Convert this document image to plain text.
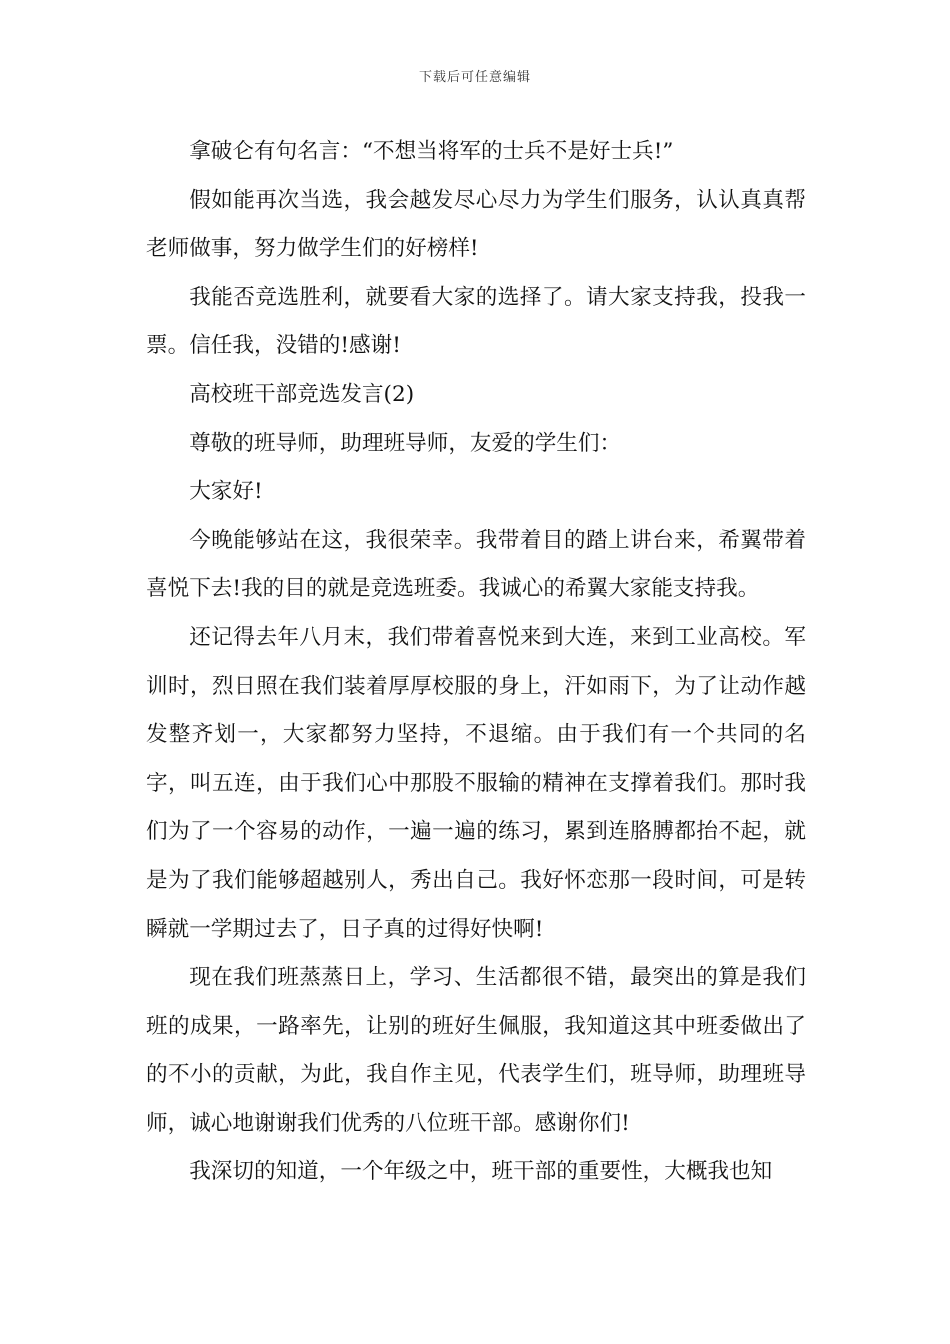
下载后可任意编辑

拿破仑有句名言：“不想当将军的士兵不是好士兵!”

假如能再次当选，我会越发尽心尽力为学生们服务，认认真真帮老师做事，努力做学生们的好榜样!

我能否竞选胜利，就要看大家的选择了。请大家支持我，投我一票。信任我，没错的!感谢!

高校班干部竞选发言(2)

尊敬的班导师，助理班导师，友爱的学生们：

大家好!

今晚能够站在这，我很荣幸。我带着目的踏上讲台来，希翼带着喜悦下去!我的目的就是竞选班委。我诚心的希翼大家能支持我。

还记得去年八月末，我们带着喜悦来到大连，来到工业高校。军训时，烈日照在我们装着厚厚校服的身上，汗如雨下，为了让动作越发整齐划一，大家都努力坚持，不退缩。由于我们有一个共同的名字，叫五连，由于我们心中那股不服输的精神在支撑着我们。那时我们为了一个容易的动作，一遍一遍的练习，累到连胳膊都抬不起，就是为了我们能够超越别人，秀出自己。我好怀恋那一段时间，可是转瞬就一学期过去了，日子真的过得好快啊!

现在我们班蒸蒸日上，学习、生活都很不错，最突出的算是我们班的成果，一路率先，让别的班好生佩服，我知道这其中班委做出了的不小的贡献，为此，我自作主见，代表学生们，班导师，助理班导师，诚心地谢谢我们优秀的八位班干部。感谢你们!

我深切的知道，一个年级之中，班干部的重要性，大概我也知
